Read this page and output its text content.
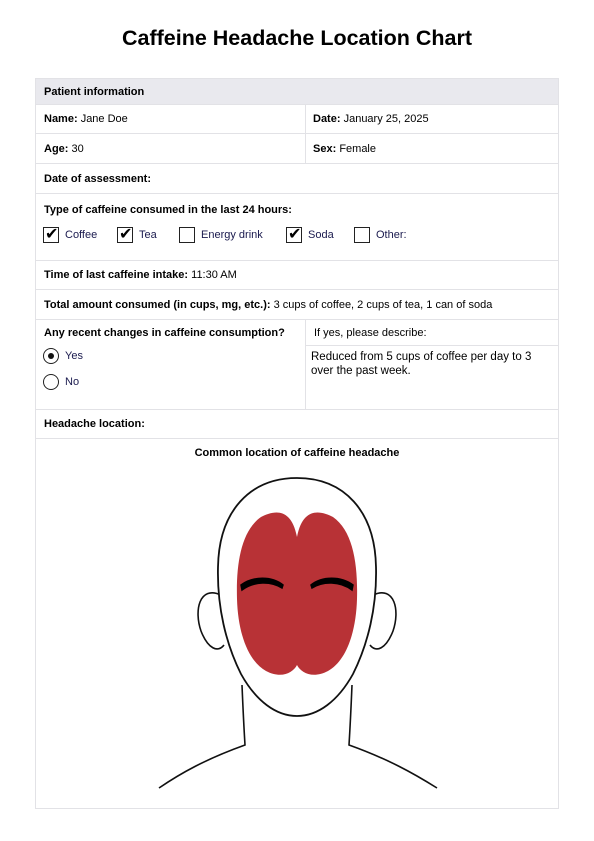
Caffeine Headache Location Chart
Patient information
Name: Jane Doe	Date: January 25, 2025
Age: 30	Sex: Female
Date of assessment:
Type of caffeine consumed in the last 24 hours:
✔ Coffee ✔ Tea	Energy drink ✔ Soda	Other:
Time of last caffeine intake: 11:30 AM
Total amount consumed (in cups, mg, etc.): 3 cups of coffee, 2 cups of tea, 1 can of soda
Any recent changes in caffeine consumption?
Yes
No
If yes, please describe:
Reduced from 5 cups of coffee per day to 3 over the past week.
Headache location:
Common location of caffeine headache
